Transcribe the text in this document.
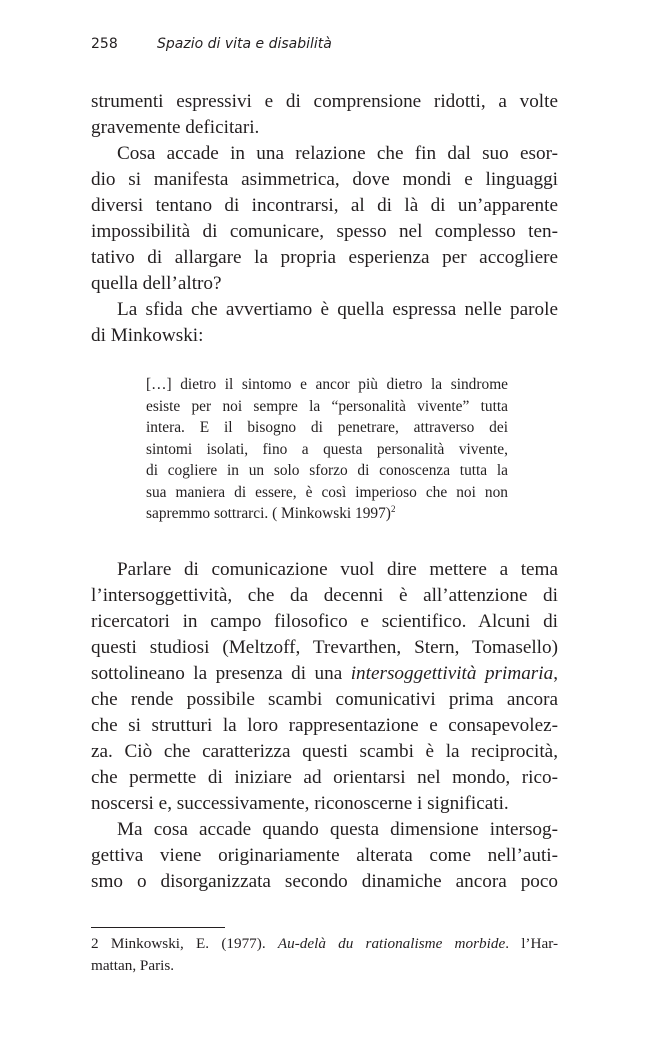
258	Spazio di vita e disabilità
strumenti espressivi e di comprensione ridotti, a volte
gravemente deficitari.
Cosa accade in una relazione che fin dal suo esor-
dio si manifesta asimmetrica, dove mondi e linguaggi
diversi tentano di incontrarsi, al di là di un’apparente
impossibilità di comunicare, spesso nel complesso ten-
tativo di allargare la propria esperienza per accogliere
quella dell’altro?
La sfida che avvertiamo è quella espressa nelle parole
di Minkowski:
[…] dietro il sintomo e ancor più dietro la sindrome
esiste per noi sempre la “personalità vivente” tutta
intera. E il bisogno di penetrare, attraverso dei
sintomi isolati, fino a questa personalità vivente,
di cogliere in un solo sforzo di conoscenza tutta la
sua maniera di essere, è così imperioso che noi non
sapremmo sottrarci. ( Minkowski 1997)$^2$
Parlare di comunicazione vuol dire mettere a tema
l’intersoggettività, che da decenni è all’attenzione di
ricercatori in campo filosofico e scientifico. Alcuni di
questi studiosi (Meltzoff, Trevarthen, Stern, Tomasello)
sottolineano la presenza di una intersoggettività primaria,
che rende possibile scambi comunicativi prima ancora
che si strutturi la loro rappresentazione e consapevolez-
za. Ciò che caratterizza questi scambi è la reciprocità,
che permette di iniziare ad orientarsi nel mondo, rico-
noscersi e, successivamente, riconoscerne i significati.
Ma cosa accade quando questa dimensione intersog-
gettiva viene originariamente alterata come nell’auti-
smo o disorganizzata secondo dinamiche ancora poco
2 Minkowski, E. (1977). Au-delà du rationalisme morbide. l’Har-
mattan, Paris.
